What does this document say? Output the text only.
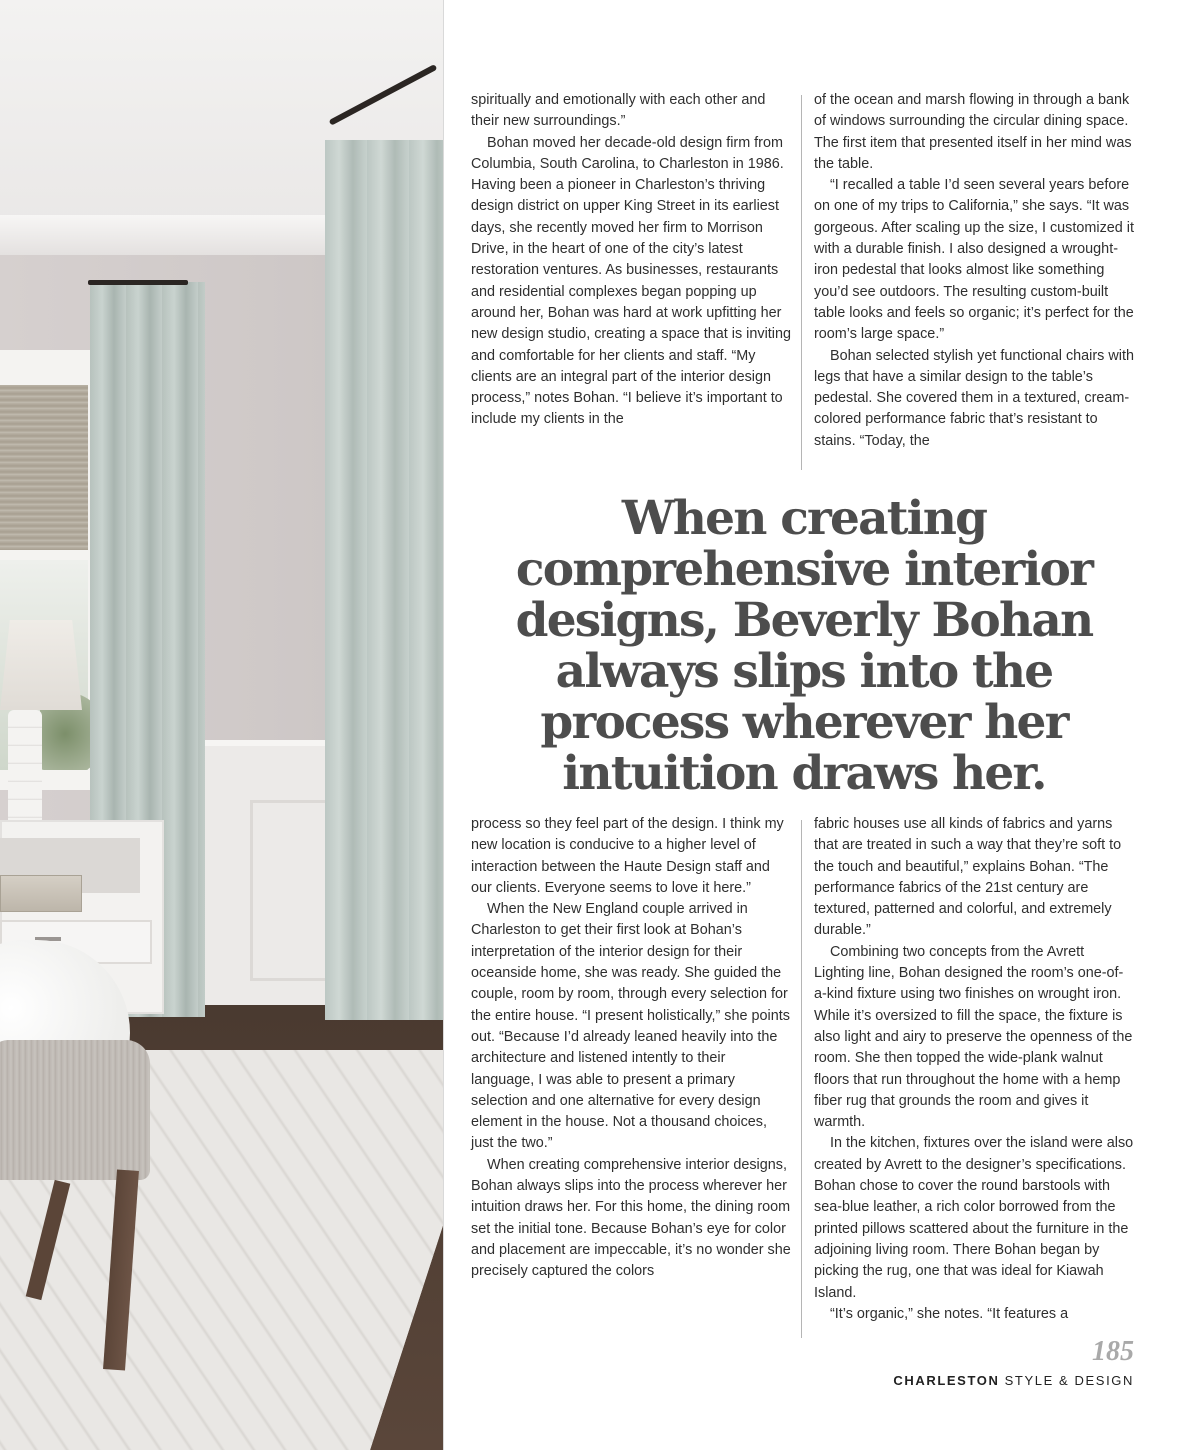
spiritually and emotionally with each other and their new surroundings.”

Bohan moved her decade-old design firm from Columbia, South Carolina, to Charleston in 1986. Having been a pioneer in Charleston’s thriving design district on upper King Street in its earliest days, she recently moved her firm to Morrison Drive, in the heart of one of the city’s latest restoration ventures. As businesses, restaurants and residential complexes began popping up around her, Bohan was hard at work upfitting her new design studio, creating a space that is inviting and comfortable for her clients and staff. “My clients are an integral part of the interior design process,” notes Bohan. “I believe it’s important to include my clients in the

of the ocean and marsh flowing in through a bank of windows surrounding the circular dining space. The first item that presented itself in her mind was the table.

“I recalled a table I’d seen several years before on one of my trips to California,” she says. “It was gorgeous. After scaling up the size, I customized it with a durable finish. I also designed a wrought-iron pedestal that looks almost like something you’d see outdoors. The resulting custom-built table looks and feels so organic; it’s perfect for the room’s large space.”

Bohan selected stylish yet functional chairs with legs that have a similar design to the table’s pedestal. She covered them in a textured, cream-colored performance fabric that’s resistant to stains. “Today, the

When creating comprehensive interior designs, Beverly Bohan always slips into the process wherever her intuition draws her.

process so they feel part of the design. I think my new location is conducive to a higher level of interaction between the Haute Design staff and our clients. Everyone seems to love it here.”

When the New England couple arrived in Charleston to get their first look at Bohan’s interpretation of the interior design for their oceanside home, she was ready. She guided the couple, room by room, through every selection for the entire house. “I present holistically,” she points out. “Because I’d already leaned heavily into the architecture and listened intently to their language, I was able to present a primary selection and one alternative for every design element in the house. Not a thousand choices, just the two.”

When creating comprehensive interior designs, Bohan always slips into the process wherever her intuition draws her. For this home, the dining room set the initial tone. Because Bohan’s eye for color and placement are impeccable, it’s no wonder she precisely captured the colors

fabric houses use all kinds of fabrics and yarns that are treated in such a way that they’re soft to the touch and beautiful,” explains Bohan. “The performance fabrics of the 21st century are textured, patterned and colorful, and extremely durable.”

Combining two concepts from the Avrett Lighting line, Bohan designed the room’s one-of-a-kind fixture using two finishes on wrought iron. While it’s oversized to fill the space, the fixture is also light and airy to preserve the openness of the room. She then topped the wide-plank walnut floors that run throughout the home with a hemp fiber rug that grounds the room and gives it warmth.

In the kitchen, fixtures over the island were also created by Avrett to the designer’s specifications. Bohan chose to cover the round barstools with sea-blue leather, a rich color borrowed from the printed pillows scattered about the furniture in the adjoining living room. There Bohan began by picking the rug, one that was ideal for Kiawah Island.

“It’s organic,” she notes. “It features a

185
CHARLESTON STYLE & DESIGN
